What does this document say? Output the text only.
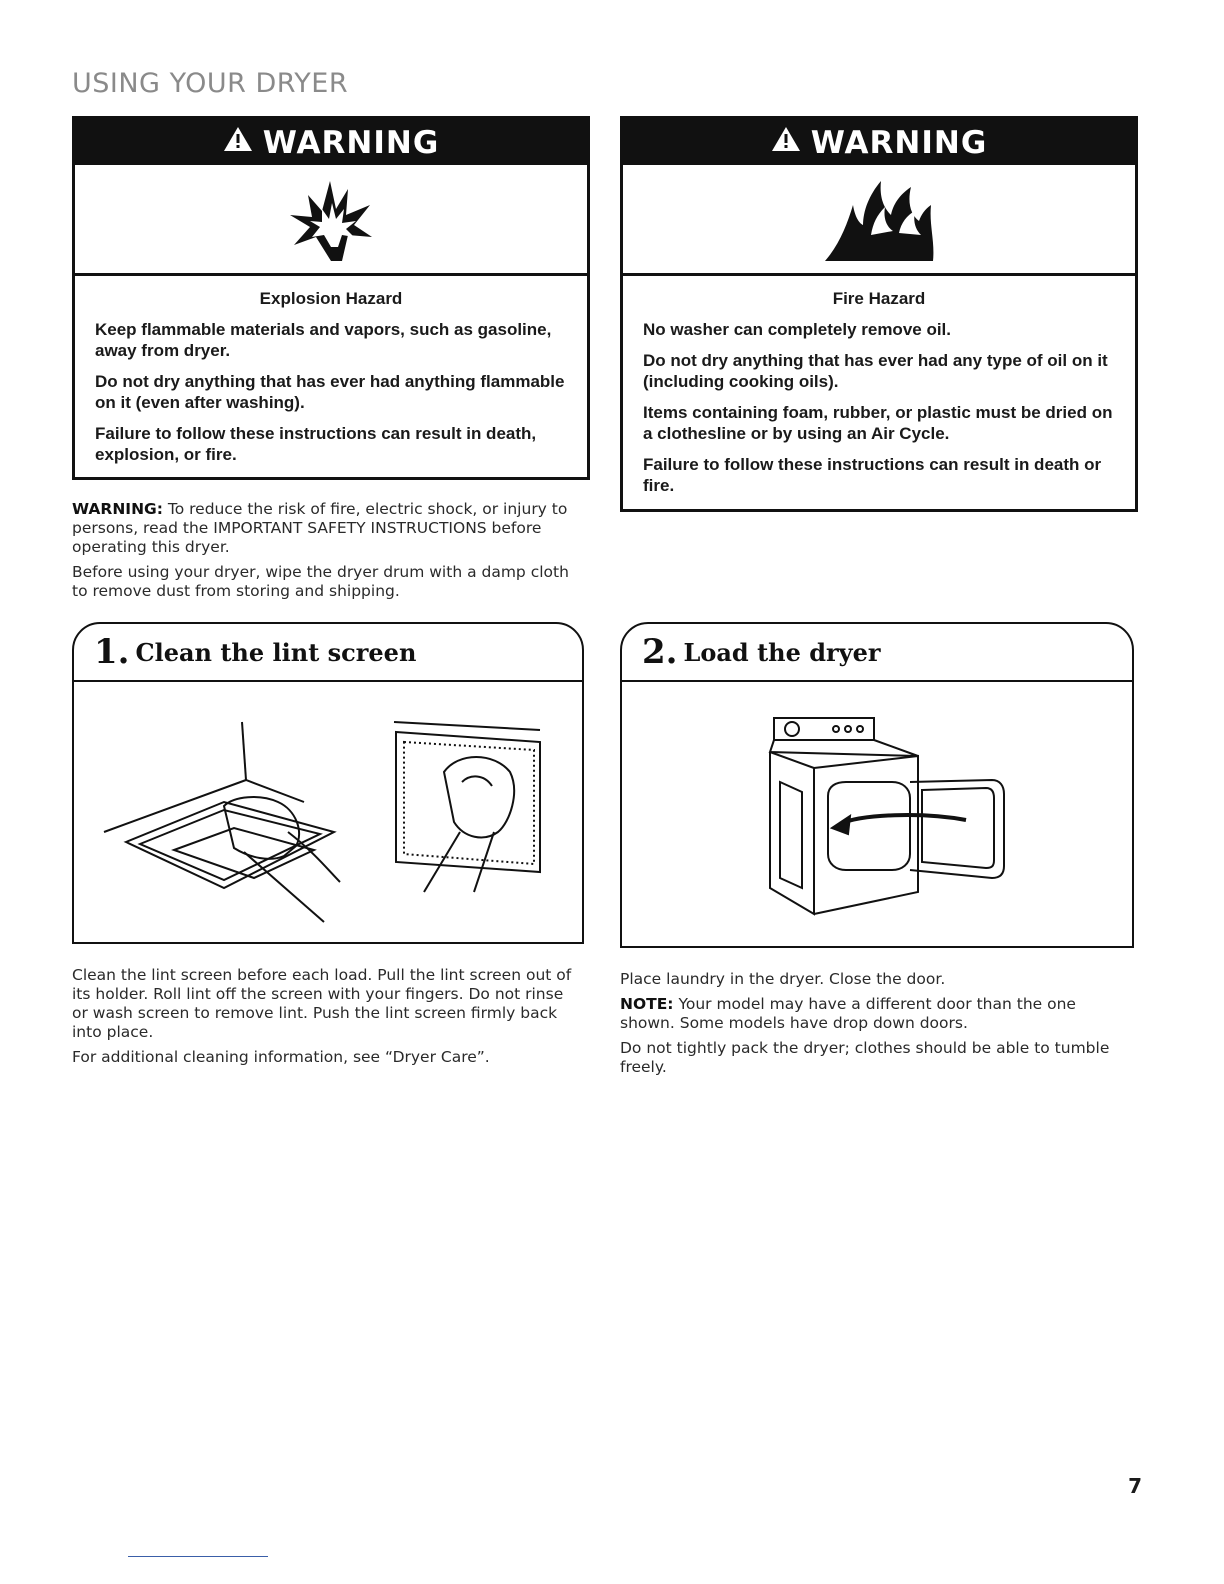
USING YOUR DRYER
WARNING

Explosion Hazard

Keep flammable materials and vapors, such as gasoline, away from dryer.

Do not dry anything that has ever had anything flammable on it (even after washing).

Failure to follow these instructions can result in death, explosion, or fire.

WARNING

Fire Hazard

No washer can completely remove oil.

Do not dry anything that has ever had any type of oil on it (including cooking oils).

Items containing foam, rubber, or plastic must be dried on a clothesline or by using an Air Cycle.

Failure to follow these instructions can result in death or fire.

WARNING: To reduce the risk of fire, electric shock, or injury to persons, read the IMPORTANT SAFETY INSTRUCTIONS before operating this dryer.

Before using your dryer, wipe the dryer drum with a damp cloth to remove dust from storing and shipping.

1. Clean the lint screen

Clean the lint screen before each load. Pull the lint screen out of its holder. Roll lint off the screen with your fingers. Do not rinse or wash screen to remove lint. Push the lint screen firmly back into place.

For additional cleaning information, see “Dryer Care”.

2. Load the dryer

Place laundry in the dryer. Close the door.

NOTE: Your model may have a different door than the one shown. Some models have drop down doors.

Do not tightly pack the dryer; clothes should be able to tumble freely.

7
